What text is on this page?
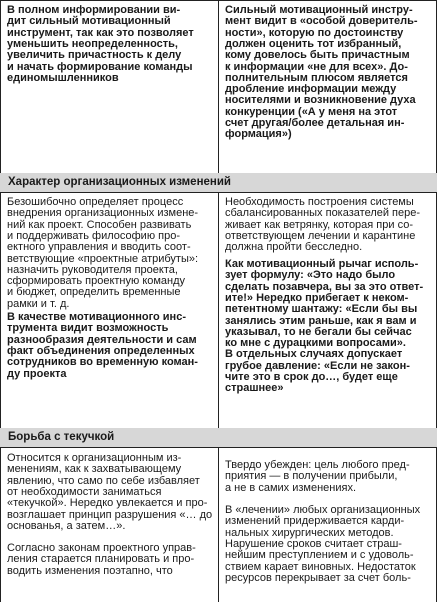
В полном информировании ви-
дит сильный мотивационный
инструмент, так как это позволяет
уменьшить неопределенность,
увеличить причастность к делу
и начать формирование команды
единомышленников
Сильный мотивационный инстру-
мент видит в «особой доверитель-
ности», которую по достоинству
должен оценить тот избранный,
кому довелось быть причастным
к информации «не для всех». До-
полнительным плюсом является
дробление информации между
носителями и возникновение духа
конкуренции («А у меня на этот
счет другая/более детальная ин-
формация»)
Характер организационных изменений
Безошибочно определяет процесс
внедрения организационных измене-
ний как проект. Способен развивать
и поддерживать философию про-
ектного управления и вводить соот-
ветствующие «проектные атрибуты»:
назначить руководителя проекта,
сформировать проектную команду
и бюджет, определить временные
рамки и т. д.
В качестве мотивационного инс-
трумента видит возможность
разнообразия деятельности и сам
факт объединения определенных
сотрудников во временную коман-
ду проекта
Необходимость построения системы
сбалансированных показателей пере-
живает как ветрянку, которая при со-
ответствующем лечении и карантине
должна пройти бесследно.
Как мотивационный рычаг исполь-
зует формулу: «Это надо было
сделать позавчера, вы за это ответ-
ите!» Нередко прибегает к неком-
петентному шантажу: «Если бы вы
занялись этим раньше, как я вам и
указывал, то не бегали бы сейчас
ко мне с дурацкими вопросами».
В отдельных случаях допускает
грубое давление: «Если не закон-
чите это в срок до…, будет еще
страшнее»
Борьба с текучкой
Относится к организационным из-
менениям, как к захватывающему
явлению, что само по себе избавляет
от необходимости заниматься
«текучкой». Нередко увлекается и про-
возглашает принцип разрушения «… до
основанья, а затем…».
Согласно законам проектного управ-
ления старается планировать и про-
водить изменения поэтапно, что
Твердо убежден: цель любого пред-
приятия — в получении прибыли,
а не в самих изменениях.
В «лечении» любых организационных
изменений придерживается карди-
нальных хирургических методов.
Нарушение сроков считает страш-
нейшим преступлением и с удоволь-
ствием карает виновных. Недостаток
ресурсов перекрывает за счет боль-
